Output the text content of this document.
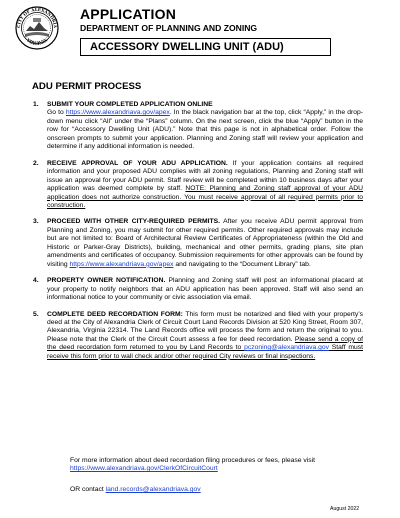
CITY OF ALEXANDRIA
VIRGINIA
APPLICATION
DEPARTMENT OF PLANNING AND ZONING
ACCESSORY DWELLING UNIT (ADU)
ADU PERMIT PROCESS
1. SUBMIT YOUR COMPLETED APPLICATION ONLINE
Go to https://www.alexandriava.gov/apex. In the black navigation bar at the top, click “Apply,” in the drop-down menu click “All” under the “Plans” column. On the next screen, click the blue “Apply” button in the row for “Accessory Dwelling Unit (ADU).” Note that this page is not in alphabetical order. Follow the onscreen prompts to submit your application. Planning and Zoning staff will review your application and determine if any additional information is needed.
2. RECEIVE APPROVAL OF YOUR ADU APPLICATION. If your application contains all required information and your proposed ADU complies with all zoning regulations, Planning and Zoning staff will issue an approval for your ADU permit. Staff review will be completed within 10 business days after your application was deemed complete by staff. NOTE: Planning and Zoning staff approval of your ADU application does not authorize construction. You must receive approval of all required permits prior to construction.
3. PROCEED WITH OTHER CITY-REQUIRED PERMITS. After you receive ADU permit approval from Planning and Zoning, you may submit for other required permits. Other required approvals may include but are not limited to: Board of Architectural Review Certificates of Appropriateness (within the Old and Historic or Parker-Gray Districts), building, mechanical and other permits, grading plans, site plan amendments and certificates of occupancy. Submission requirements for other approvals can be found by visiting https://www.alexandriava.gov/apex and navigating to the “Document Library” tab.
4. PROPERTY OWNER NOTIFICATION. Planning and Zoning staff will post an informational placard at your property to notify neighbors that an ADU application has been approved. Staff will also send an informational notice to your community or civic association via email.
5. COMPLETE DEED RECORDATION FORM: This form must be notarized and filed with your property’s deed at the City of Alexandria Clerk of Circuit Court Land Records Division at 520 King Street, Room 307, Alexandria, Virginia 22314. The Land Records office will process the form and return the original to you. Please note that the Clerk of the Circuit Court assess a fee for deed recordation. Please send a copy of the deed recordation form returned to you by Land Records to pczoning@alexandriava.gov Staff must receive this form prior to wall check and/or other required City reviews or final inspections.
For more information about deed recordation filing procedures or fees, please visit https://www.alexandriava.gov/ClerkOfCircuitCourt
OR contact land.records@alexandriava.gov
August 2022
